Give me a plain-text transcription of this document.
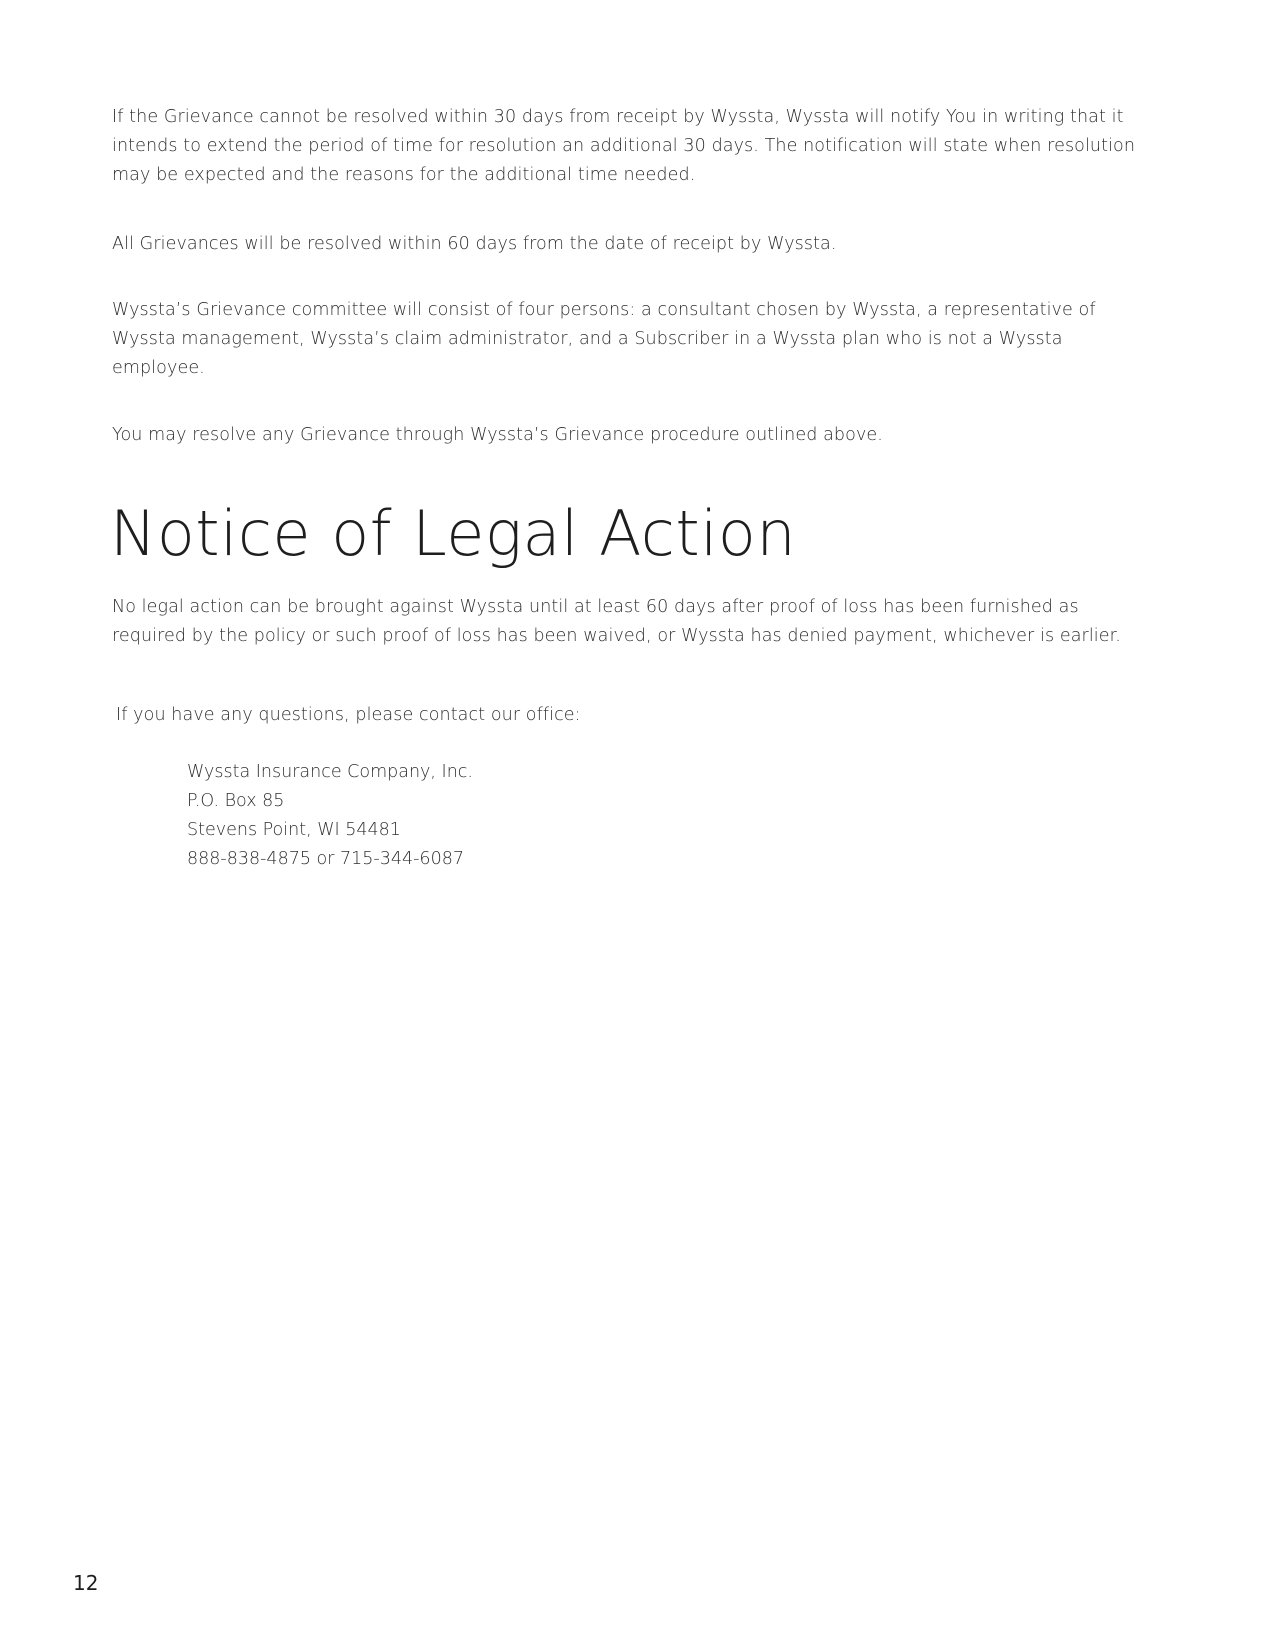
If the Grievance cannot be resolved within 30 days from receipt by Wyssta, Wyssta will notify You in writing that it intends to extend the period of time for resolution an additional 30 days. The notification will state when resolution may be expected and the reasons for the additional time needed.

All Grievances will be resolved within 60 days from the date of receipt by Wyssta.

Wyssta’s Grievance committee will consist of four persons: a consultant chosen by Wyssta, a representative of Wyssta management, Wyssta’s claim administrator, and a Subscriber in a Wyssta plan who is not a Wyssta employee.

You may resolve any Grievance through Wyssta’s Grievance procedure outlined above.

Notice of Legal Action

No legal action can be brought against Wyssta until at least 60 days after proof of loss has been furnished as required by the policy or such proof of loss has been waived, or Wyssta has denied payment, whichever is earlier.

If you have any questions, please contact our office:

Wyssta Insurance Company, Inc.
P.O. Box 85
Stevens Point, WI 54481
888-838-4875 or 715-344-6087
12
